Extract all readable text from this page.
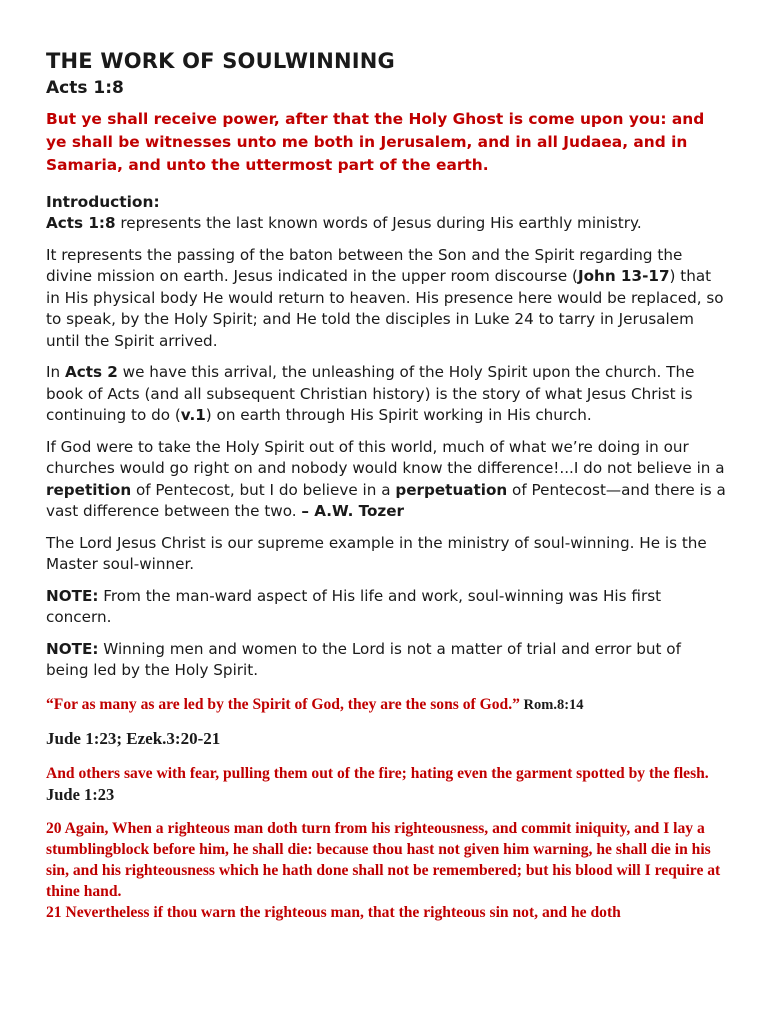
THE WORK OF SOULWINNING
Acts 1:8

But ye shall receive power, after that the Holy Ghost is come upon you: and ye shall be witnesses unto me both in Jerusalem, and in all Judaea, and in Samaria, and unto the uttermost part of the earth.

Introduction:

Acts 1:8 represents the last known words of Jesus during His earthly ministry.

It represents the passing of the baton between the Son and the Spirit regarding the divine mission on earth. Jesus indicated in the upper room discourse (John 13-17) that in His physical body He would return to heaven. His presence here would be replaced, so to speak, by the Holy Spirit; and He told the disciples in Luke 24 to tarry in Jerusalem until the Spirit arrived.

In Acts 2 we have this arrival, the unleashing of the Holy Spirit upon the church. The book of Acts (and all subsequent Christian history) is the story of what Jesus Christ is continuing to do (v.1) on earth through His Spirit working in His church.

If God were to take the Holy Spirit out of this world, much of what we’re doing in our churches would go right on and nobody would know the difference!...I do not believe in a repetition of Pentecost, but I do believe in a perpetuation of Pentecost—and there is a vast difference between the two. – A.W. Tozer

The Lord Jesus Christ is our supreme example in the ministry of soul-winning. He is the Master soul-winner.

NOTE: From the man-ward aspect of His life and work, soul-winning was His first concern.

NOTE: Winning men and women to the Lord is not a matter of trial and error but of being led by the Holy Spirit.

“For as many as are led by the Spirit of God, they are the sons of God.” Rom.8:14

Jude 1:23; Ezek.3:20-21

And others save with fear, pulling them out of the fire; hating even the garment spotted by the flesh. Jude 1:23

20 Again, When a righteous man doth turn from his righteousness, and commit iniquity, and I lay a stumblingblock before him, he shall die: because thou hast not given him warning, he shall die in his sin, and his righteousness which he hath done shall not be remembered; but his blood will I require at thine hand.

21 Nevertheless if thou warn the righteous man, that the righteous sin not, and he doth
